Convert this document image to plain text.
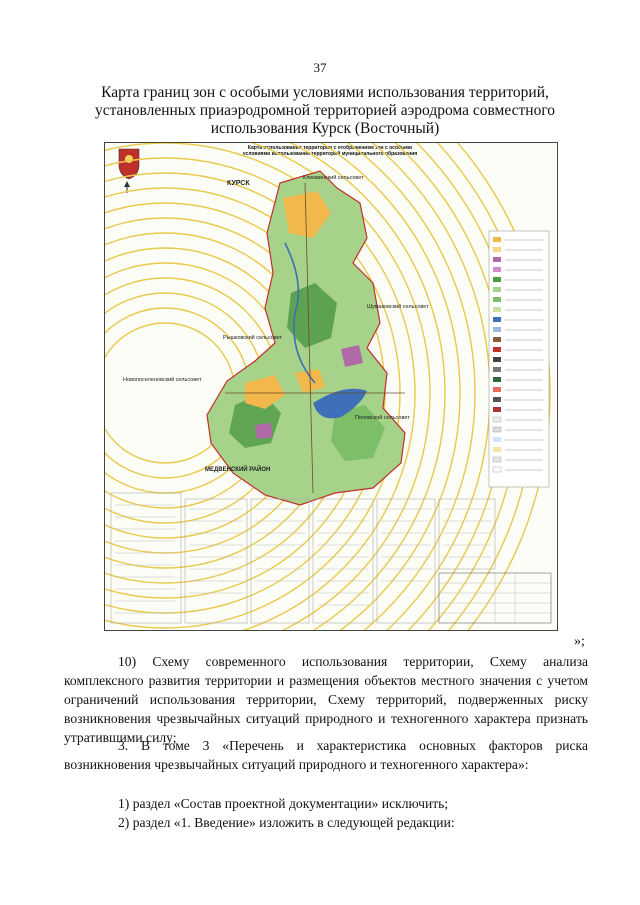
37
Карта границ зон с особыми условиями использования территорий, установленных приаэродромной территорией аэродрома совместного использования Курск (Восточный)
Карта использования территории с отображением зон с особыми условиями использования территорий муниципального образования
КУРСК
Клюквинский сельсовет
Шумаковский сельсовет
Рышковский сельсовет
Новопоселеновский сельсовет
Полевской сельсовет
МЕДВЕНСКИЙ РАЙОН
»;
10) Схему современного использования территории, Схему анализа комплексного развития территории и размещения объектов местного значения с учетом ограничений использования территории, Схему территорий, подверженных риску возникновения чрезвычайных ситуаций природного и техногенного характера признать утратившими силу;
3. В томе 3 «Перечень и характеристика основных факторов риска возникновения чрезвычайных ситуаций природного и техногенного характера»:
1) раздел «Состав проектной документации» исключить;
2) раздел «1. Введение» изложить в следующей редакции:
